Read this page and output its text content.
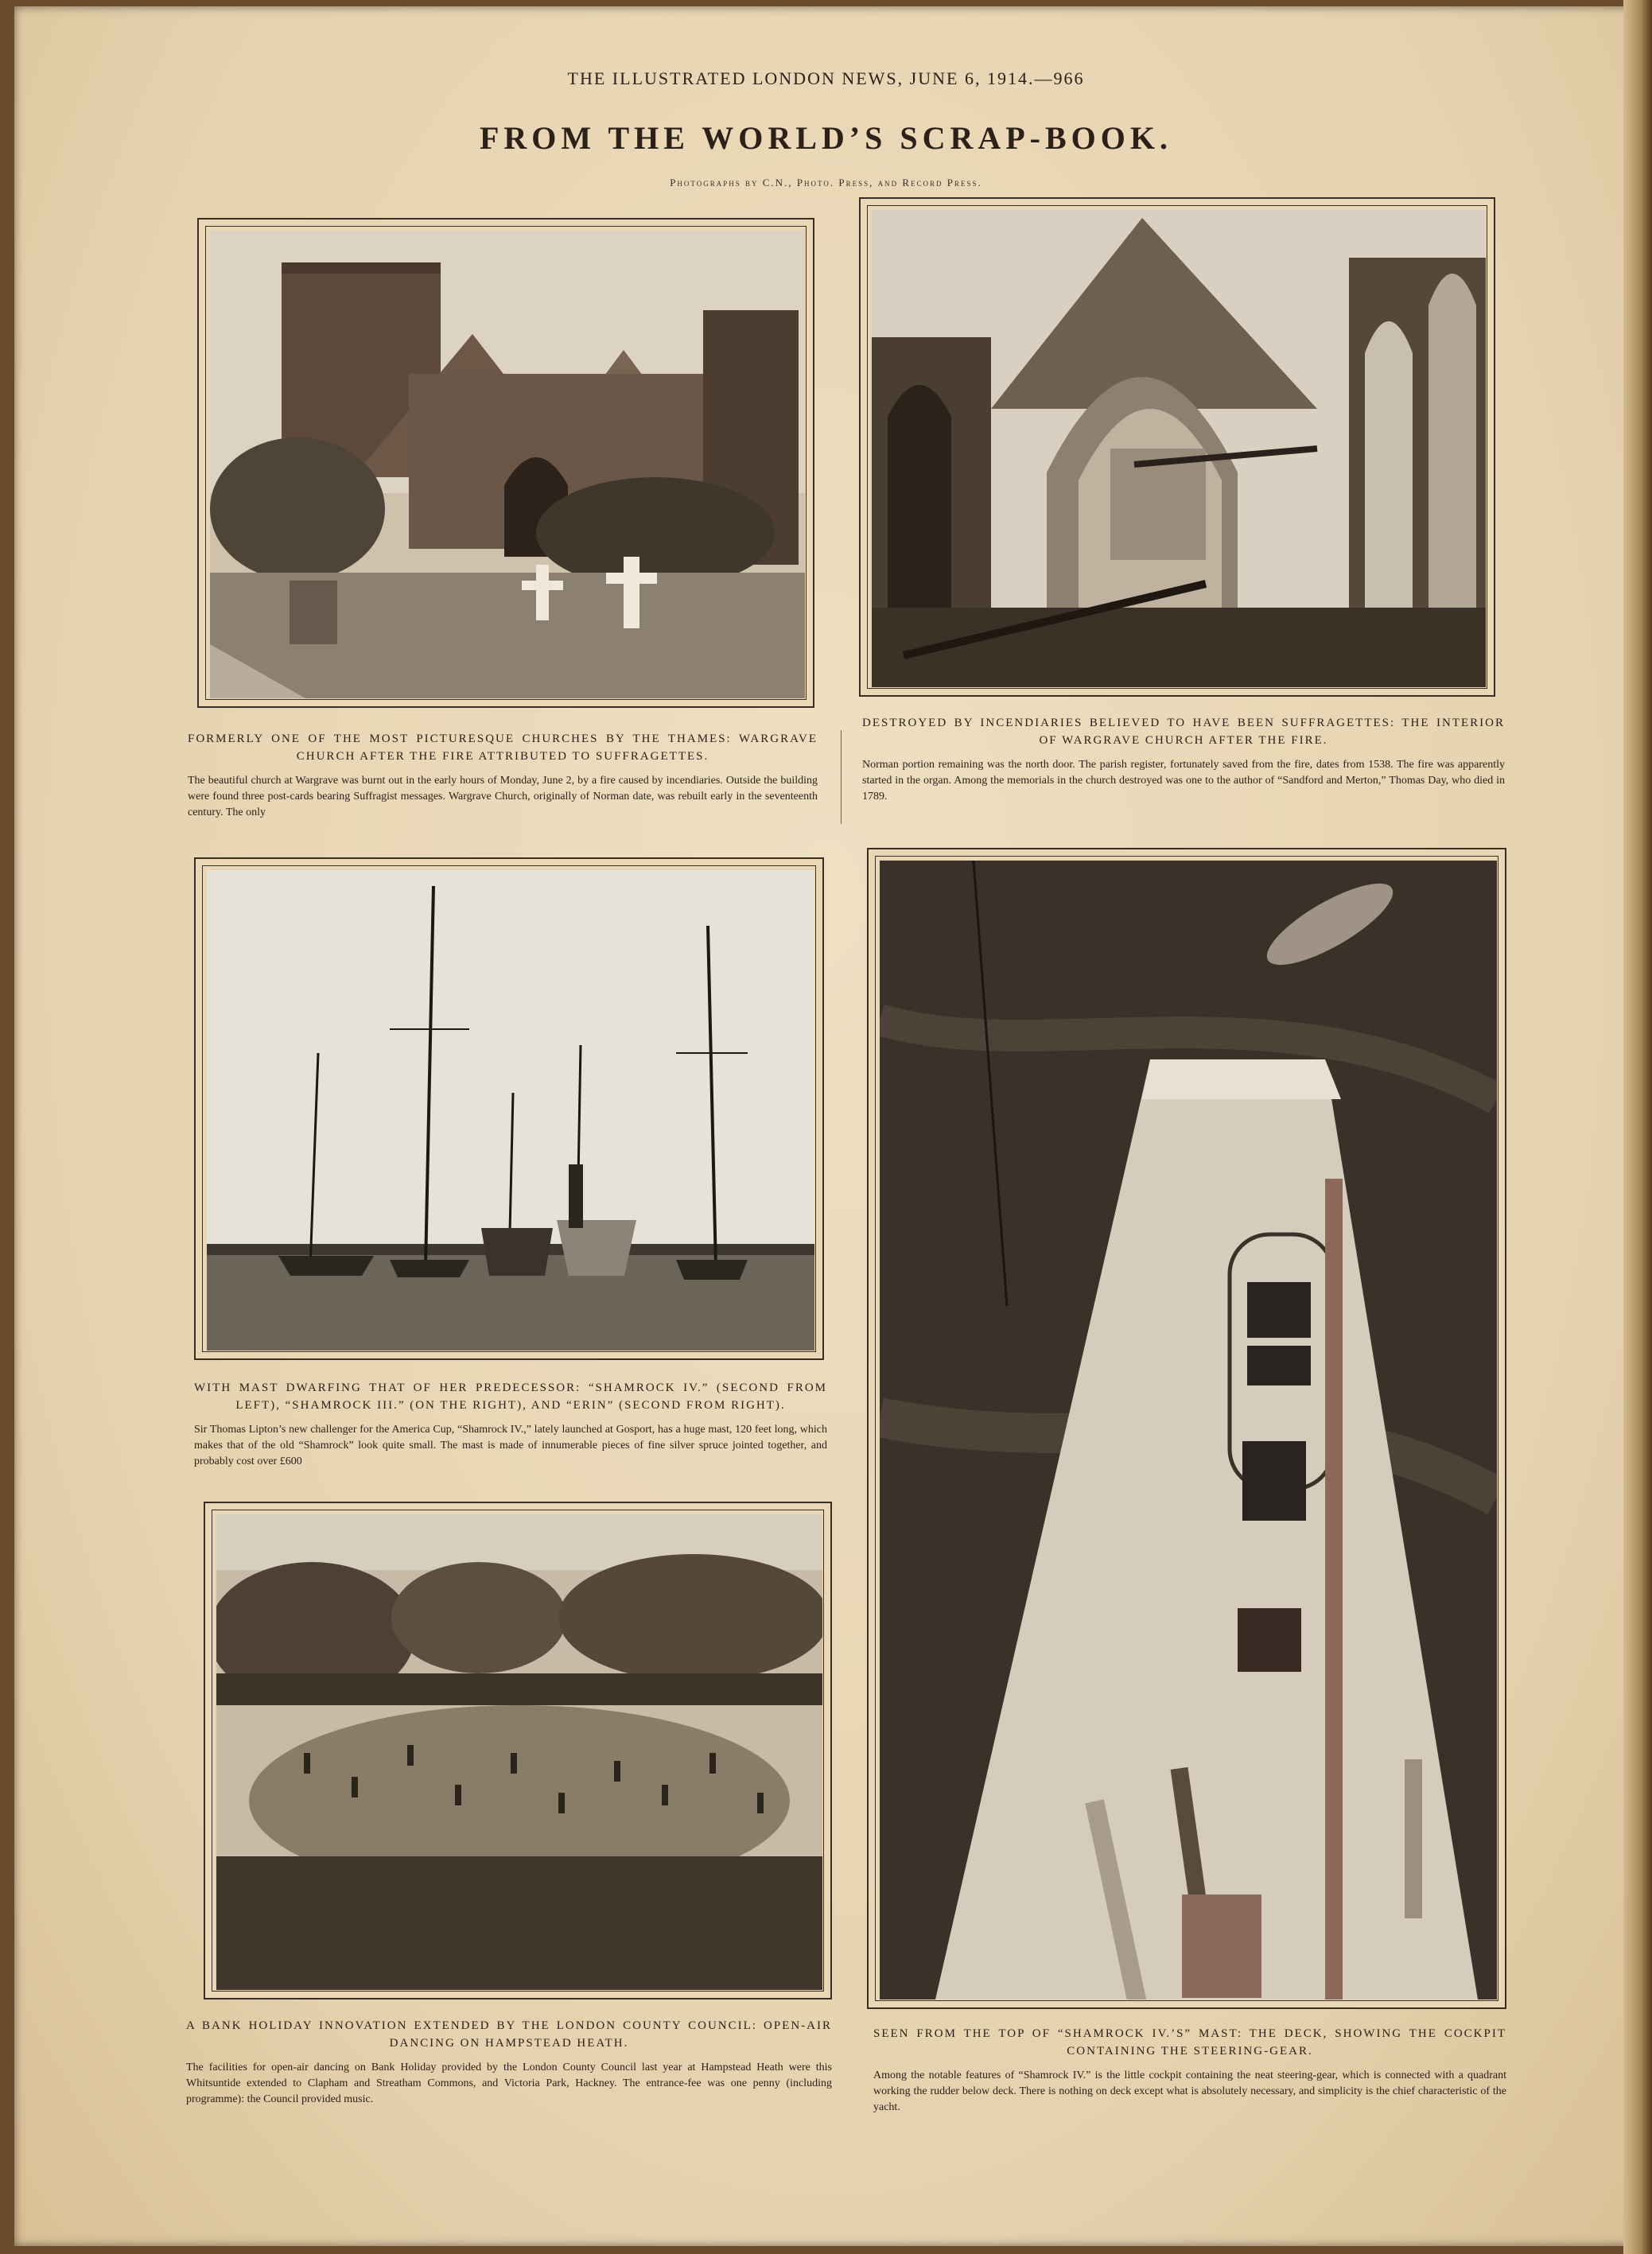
THE ILLUSTRATED LONDON NEWS, JUNE 6, 1914.—966
FROM THE WORLD’S SCRAP-BOOK.
Photographs by C.N., Photo. Press, and Record Press.
FORMERLY ONE OF THE MOST PICTURESQUE CHURCHES BY THE THAMES: WARGRAVE CHURCH AFTER THE FIRE ATTRIBUTED TO SUFFRAGETTES.
The beautiful church at Wargrave was burnt out in the early hours of Monday, June 2, by a fire caused by incendiaries. Outside the building were found three post-cards bearing Suffragist messages. Wargrave Church, originally of Norman date, was rebuilt early in the seventeenth century. The only
DESTROYED BY INCENDIARIES BELIEVED TO HAVE BEEN SUFFRAGETTES: THE INTERIOR OF WARGRAVE CHURCH AFTER THE FIRE.
Norman portion remaining was the north door. The parish register, fortunately saved from the fire, dates from 1538. The fire was apparently started in the organ. Among the memorials in the church destroyed was one to the author of “Sandford and Merton,” Thomas Day, who died in 1789.
WITH MAST DWARFING THAT OF HER PREDECESSOR: “SHAMROCK IV.” (SECOND FROM LEFT), “SHAMROCK III.” (ON THE RIGHT), AND “ERIN” (SECOND FROM RIGHT).
Sir Thomas Lipton’s new challenger for the America Cup, “Shamrock IV.,” lately launched at Gosport, has a huge mast, 120 feet long, which makes that of the old “Shamrock” look quite small. The mast is made of innumerable pieces of fine silver spruce jointed together, and probably cost over £600
SEEN FROM THE TOP OF “SHAMROCK IV.’S” MAST: THE DECK, SHOWING THE COCKPIT CONTAINING THE STEERING-GEAR.
Among the notable features of “Shamrock IV.” is the little cockpit containing the neat steering-gear, which is connected with a quadrant working the rudder below deck. There is nothing on deck except what is absolutely necessary, and simplicity is the chief characteristic of the yacht.
A BANK HOLIDAY INNOVATION EXTENDED BY THE LONDON COUNTY COUNCIL: OPEN-AIR DANCING ON HAMPSTEAD HEATH.
The facilities for open-air dancing on Bank Holiday provided by the London County Council last year at Hampstead Heath were this Whitsuntide extended to Clapham and Streatham Commons, and Victoria Park, Hackney. The entrance-fee was one penny (including programme): the Council provided music.
